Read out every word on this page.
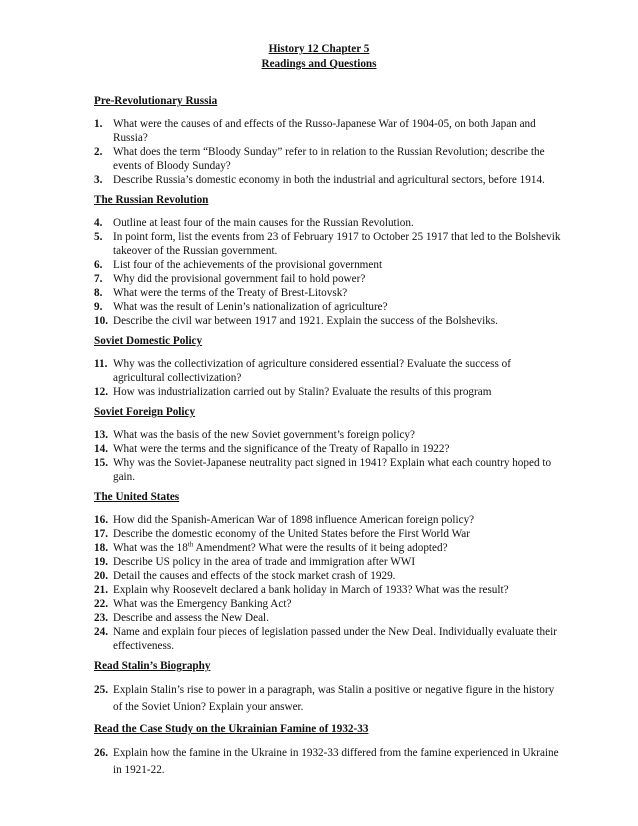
History 12 Chapter 5
Readings and Questions
Pre-Revolutionary Russia
1. What were the causes of and effects of the Russo-Japanese War of 1904-05, on both Japan and Russia?
2. What does the term “Bloody Sunday” refer to in relation to the Russian Revolution; describe the events of Bloody Sunday?
3. Describe Russia’s domestic economy in both the industrial and agricultural sectors, before 1914.
The Russian Revolution
4. Outline at least four of the main causes for the Russian Revolution.
5. In point form, list the events from 23 of February 1917 to October 25 1917 that led to the Bolshevik takeover of the Russian government.
6. List four of the achievements of the provisional government
7. Why did the provisional government fail to hold power?
8. What were the terms of the Treaty of Brest-Litovsk?
9. What was the result of Lenin’s nationalization of agriculture?
10. Describe the civil war between 1917 and 1921. Explain the success of the Bolsheviks.
Soviet Domestic Policy
11. Why was the collectivization of agriculture considered essential? Evaluate the success of agricultural collectivization?
12. How was industrialization carried out by Stalin? Evaluate the results of this program
Soviet Foreign Policy
13. What was the basis of the new Soviet government’s foreign policy?
14. What were the terms and the significance of the Treaty of Rapallo in 1922?
15. Why was the Soviet-Japanese neutrality pact signed in 1941? Explain what each country hoped to gain.
The United States
16. How did the Spanish-American War of 1898 influence American foreign policy?
17. Describe the domestic economy of the United States before the First World War
18. What was the 18th Amendment? What were the results of it being adopted?
19. Describe US policy in the area of trade and immigration after WWI
20. Detail the causes and effects of the stock market crash of 1929.
21. Explain why Roosevelt declared a bank holiday in March of 1933? What was the result?
22. What was the Emergency Banking Act?
23. Describe and assess the New Deal.
24. Name and explain four pieces of legislation passed under the New Deal. Individually evaluate their effectiveness.
Read Stalin’s Biography
25. Explain Stalin’s rise to power in a paragraph, was Stalin a positive or negative figure in the history of the Soviet Union? Explain your answer.
Read the Case Study on the Ukrainian Famine of 1932-33
26. Explain how the famine in the Ukraine in 1932-33 differed from the famine experienced in Ukraine in 1921-22.
